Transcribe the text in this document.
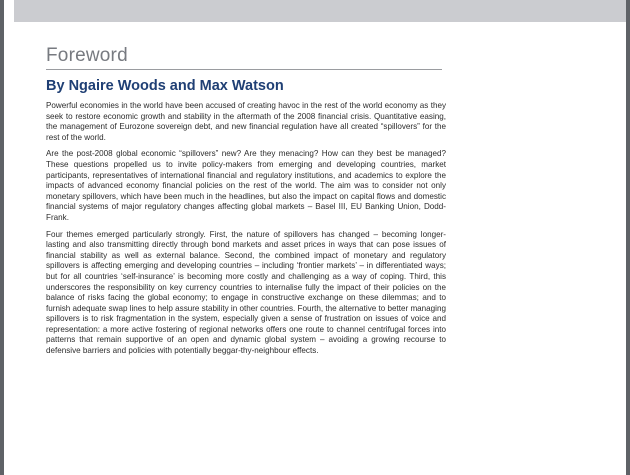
Foreword
By Ngaire Woods and Max Watson

Powerful economies in the world have been accused of creating havoc in the rest of the world economy as they seek to restore economic growth and stability in the aftermath of the 2008 financial crisis. Quantitative easing, the management of Eurozone sovereign debt, and new financial regulation have all created “spillovers” for the rest of the world.

Are the post-2008 global economic “spillovers” new? Are they menacing? How can they best be managed? These questions propelled us to invite policy-makers from emerging and developing countries, market participants, representatives of international financial and regulatory institutions, and academics to explore the impacts of advanced economy financial policies on the rest of the world. The aim was to consider not only monetary spillovers, which have been much in the headlines, but also the impact on capital flows and domestic financial systems of major regulatory changes affecting global markets – Basel III, EU Banking Union, Dodd-Frank.

Four themes emerged particularly strongly. First, the nature of spillovers has changed – becoming longer-lasting and also transmitting directly through bond markets and asset prices in ways that can pose issues of financial stability as well as external balance. Second, the combined impact of monetary and regulatory spillovers is affecting emerging and developing countries – including ‘frontier markets’ – in differentiated ways; but for all countries ‘self-insurance’ is becoming more costly and challenging as a way of coping. Third, this underscores the responsibility on key currency countries to internalise fully the impact of their policies on the balance of risks facing the global economy; to engage in constructive exchange on these dilemmas; and to furnish adequate swap lines to help assure stability in other countries. Fourth, the alternative to better managing spillovers is to risk fragmentation in the system, especially given a sense of frustration on issues of voice and representation: a more active fostering of regional networks offers one route to channel centrifugal forces into patterns that remain supportive of an open and dynamic global system – avoiding a growing recourse to defensive barriers and policies with potentially beggar-thy-neighbour effects.
